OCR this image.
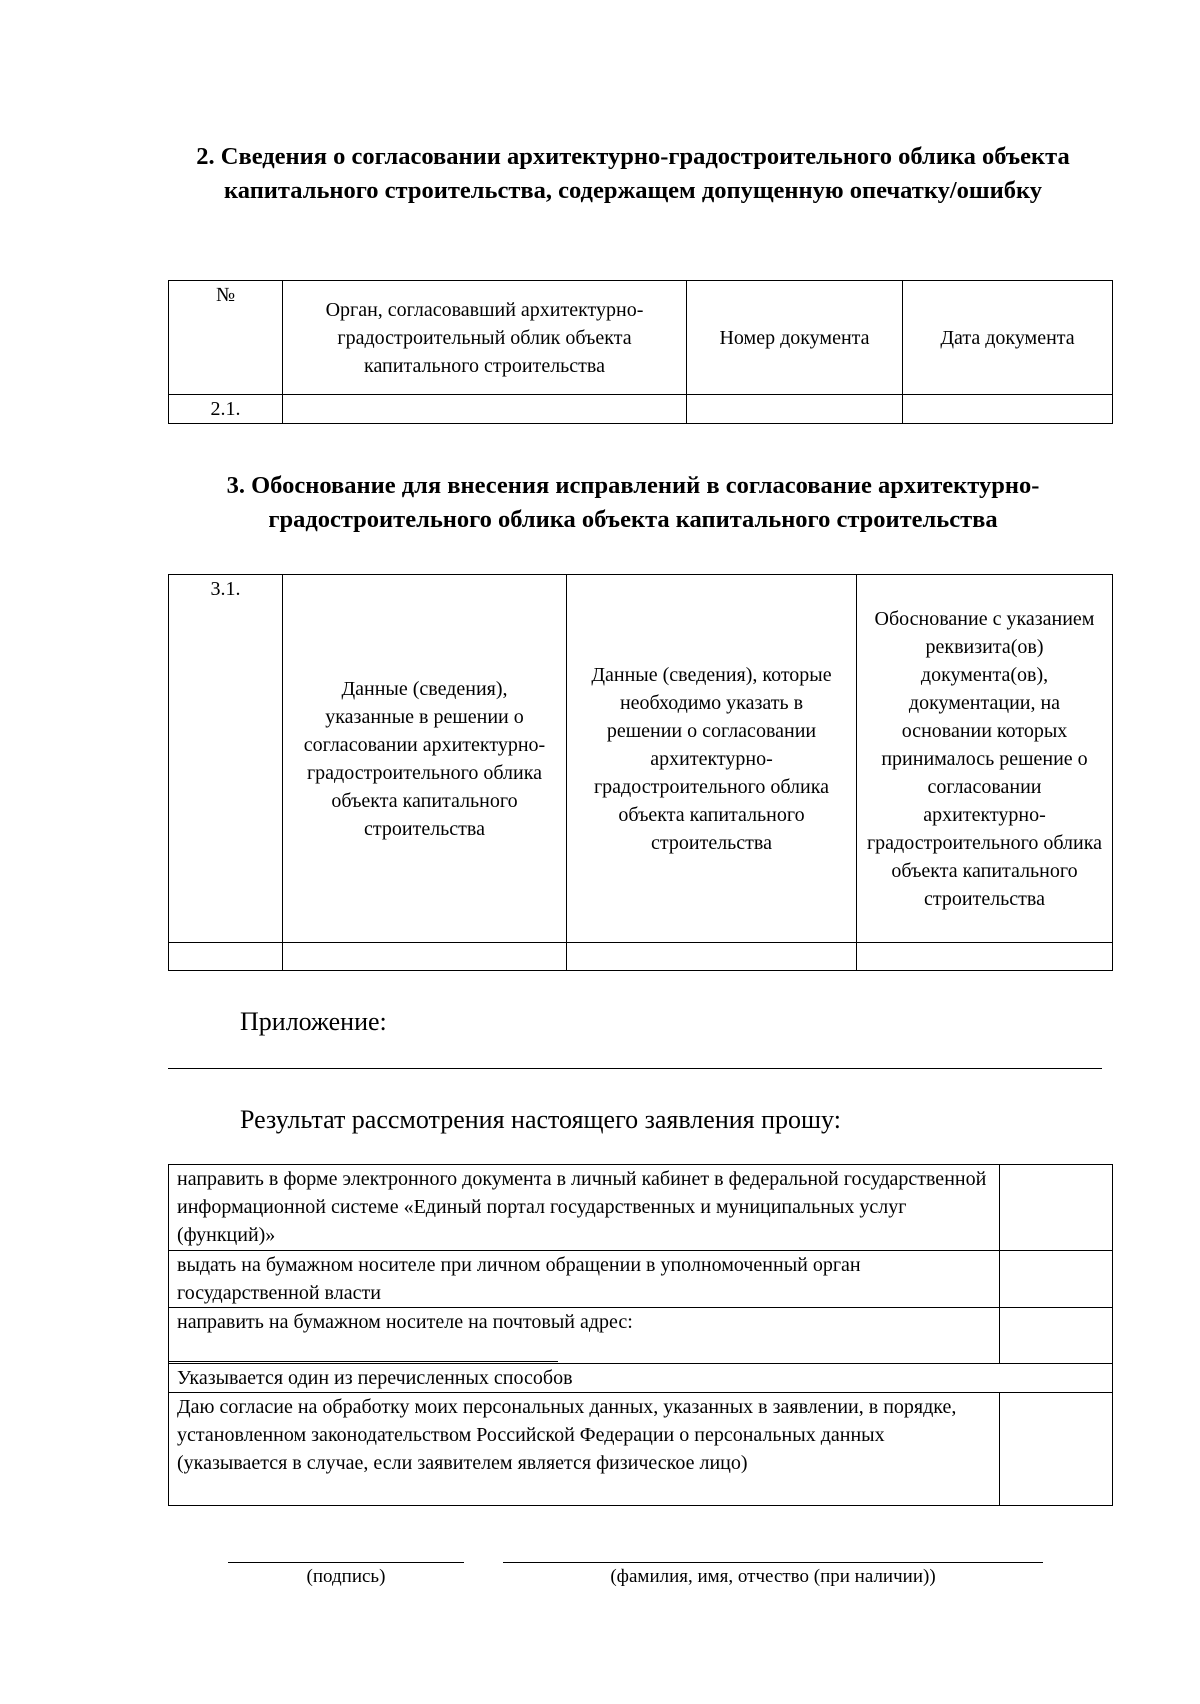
2. Сведения о согласовании архитектурно-градостроительного облика объекта капитального строительства, содержащем допущенную опечатку/ошибку
№	Орган, согласовавший архитектурно-градостроительный облик объекта капитального строительства	Номер документа	Дата документа
2.1.			
3. Обоснование для внесения исправлений в согласование архитектурно-градостроительного облика объекта капитального строительства
3.1.	Данные (сведения), указанные в решении о согласовании архитектурно-градостроительного облика объекта капитального строительства	Данные (сведения), которые необходимо указать в решении о согласовании архитектурно-градостроительного облика объекта капитального строительства	Обоснование с указанием реквизита(ов) документа(ов), документации, на основании которых принималось решение о согласовании архитектурно-градостроительного облика объекта капитального строительства

Приложение:
Результат рассмотрения настоящего заявления прошу:
направить в форме электронного документа в личный кабинет в федеральной государственной информационной системе «Единый портал государственных и муниципальных услуг (функций)»	
выдать на бумажном носителе при личном обращении в уполномоченный орган государственной власти	
направить на бумажном носителе на почтовый адрес:	
Указывается один из перечисленных способов	
Даю согласие на обработку моих персональных данных, указанных в заявлении, в порядке, установленном законодательством Российской Федерации о персональных данных (указывается в случае, если заявителем является физическое лицо)	
(подпись)	(фамилия, имя, отчество (при наличии))
